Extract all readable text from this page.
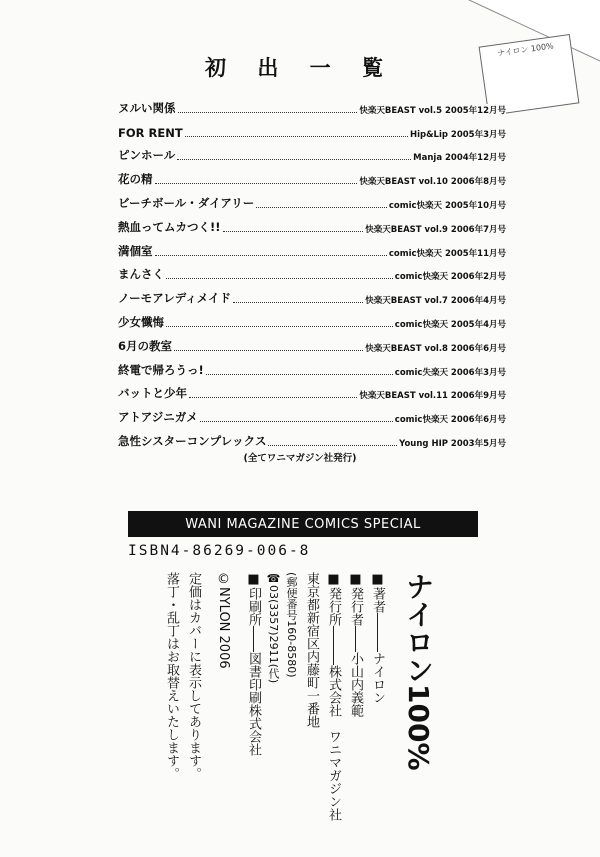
ナイロン 100%
初 出 一 覧
ヌルい関係	快楽天BEAST vol.5 2005年12月号
FOR RENT	Hip&Lip 2005年3月号
ピンホール	Manja 2004年12月号
花の精	快楽天BEAST vol.10 2006年8月号
ビーチボール・ダイアリー	comic快楽天 2005年10月号
熱血ってムカつく!!	快楽天BEAST vol.9 2006年7月号
満個室	comic快楽天 2005年11月号
まんさく	comic快楽天 2006年2月号
ノーモアレディメイド	快楽天BEAST vol.7 2006年4月号
少女懺悔	comic快楽天 2005年4月号
6月の教室	快楽天BEAST vol.8 2006年6月号
終電で帰ろうっ!	comic失楽天 2006年3月号
バットと少年	快楽天BEAST vol.11 2006年9月号
アトアジニガメ	comic快楽天 2006年6月号
急性シスターコンプレックス	Young HIP 2003年5月号
(全てワニマガジン社発行)
WANI MAGAZINE COMICS SPECIAL
ISBN4-86269-006-8
ナイロン100%
■著者―――ナイロン
■発行者――小山内義範
■発行所―――株式会社　ワニマガジン社
東京都新宿区内藤町一番地
(郵便番号160-8580)
☎03(3357)2911(代)
■印刷所――図書印刷株式会社
©NYLON 2006
定価はカバーに表示してあります。
落丁・乱丁はお取替えいたします。
